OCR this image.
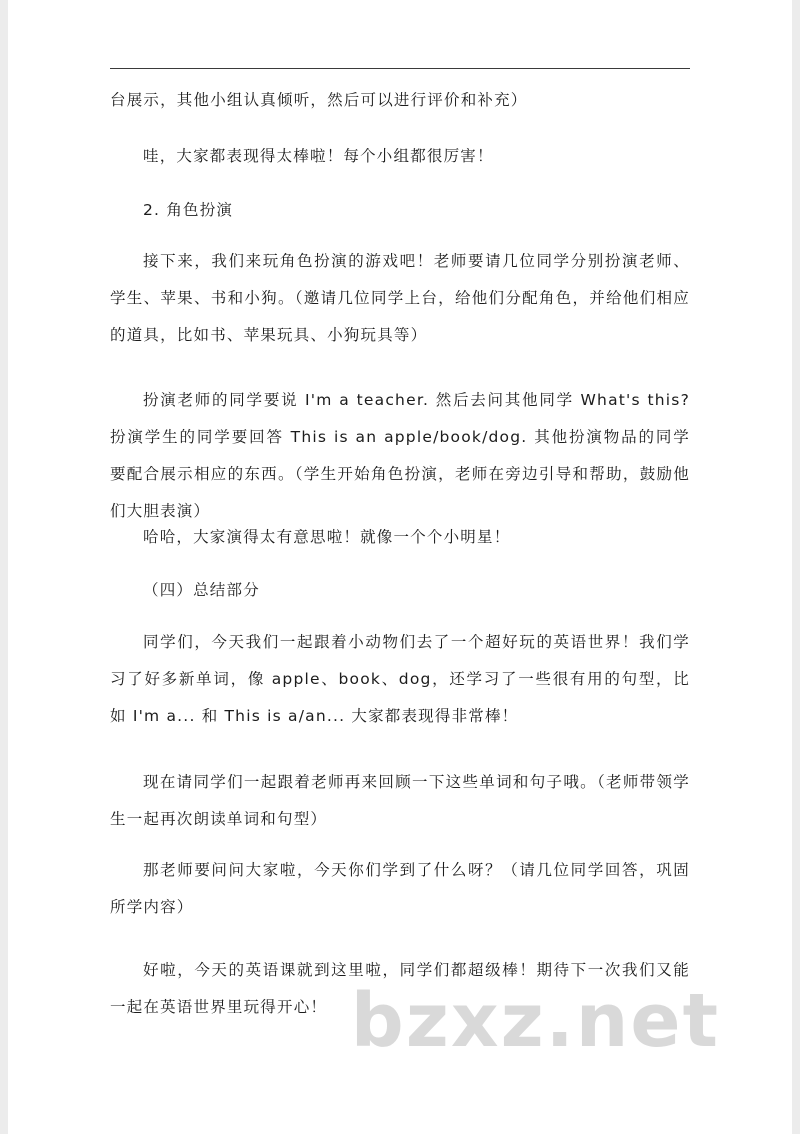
台展示，其他小组认真倾听，然后可以进行评价和补充）

哇，大家都表现得太棒啦！每个小组都很厉害！

2. 角色扮演

接下来，我们来玩角色扮演的游戏吧！老师要请几位同学分别扮演老师、学生、苹果、书和小狗。（邀请几位同学上台，给他们分配角色，并给他们相应的道具，比如书、苹果玩具、小狗玩具等）

扮演老师的同学要说 I'm a teacher. 然后去问其他同学 What's this? 扮演学生的同学要回答 This is an apple/book/dog. 其他扮演物品的同学要配合展示相应的东西。（学生开始角色扮演，老师在旁边引导和帮助，鼓励他们大胆表演）

哈哈，大家演得太有意思啦！就像一个个小明星！

（四）总结部分

同学们，今天我们一起跟着小动物们去了一个超好玩的英语世界！我们学习了好多新单词，像 apple、book、dog，还学习了一些很有用的句型，比如 I'm a... 和 This is a/an... 大家都表现得非常棒！

现在请同学们一起跟着老师再来回顾一下这些单词和句子哦。（老师带领学生一起再次朗读单词和句型）

那老师要问问大家啦，今天你们学到了什么呀？（请几位同学回答，巩固所学内容）

好啦，今天的英语课就到这里啦，同学们都超级棒！期待下一次我们又能一起在英语世界里玩得开心！ bzxz.net
